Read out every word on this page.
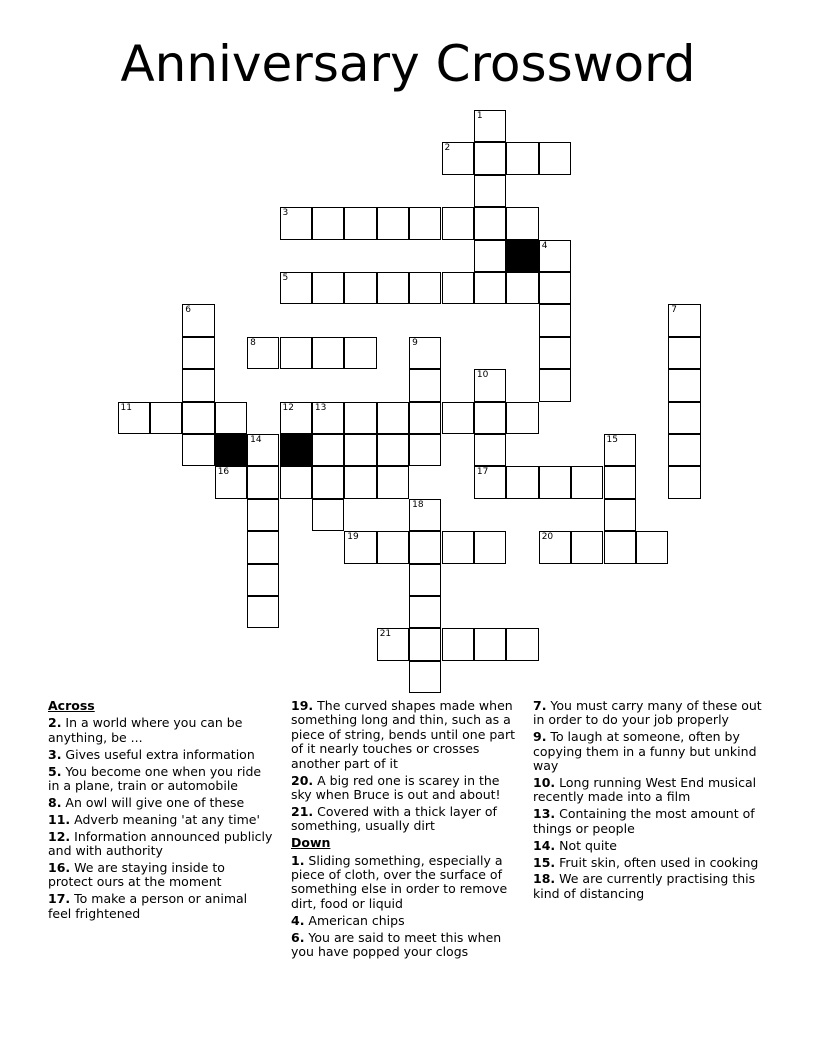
Anniversary Crossword
1
2
3
4
5
6	7
8	9
10
11	12 13
14	15
16	17
18
19	20
21
Across
2. In a world where you can be anything, be ...
3. Gives useful extra information
5. You become one when you ride in a plane, train or automobile
8. An owl will give one of these
11. Adverb meaning 'at any time'
12. Information announced publicly and with authority
16. We are staying inside to protect ours at the moment
17. To make a person or animal feel frightened
19. The curved shapes made when something long and thin, such as a piece of string, bends until one part of it nearly touches or crosses another part of it
20. A big red one is scarey in the sky when Bruce is out and about!
21. Covered with a thick layer of something, usually dirt
Down
1. Sliding something, especially a piece of cloth, over the surface of something else in order to remove dirt, food or liquid
4. American chips
6. You are said to meet this when you have popped your clogs
7. You must carry many of these out in order to do your job properly
9. To laugh at someone, often by copying them in a funny but unkind way
10. Long running West End musical recently made into a film
13. Containing the most amount of things or people
14. Not quite
15. Fruit skin, often used in cooking
18. We are currently practising this kind of distancing
